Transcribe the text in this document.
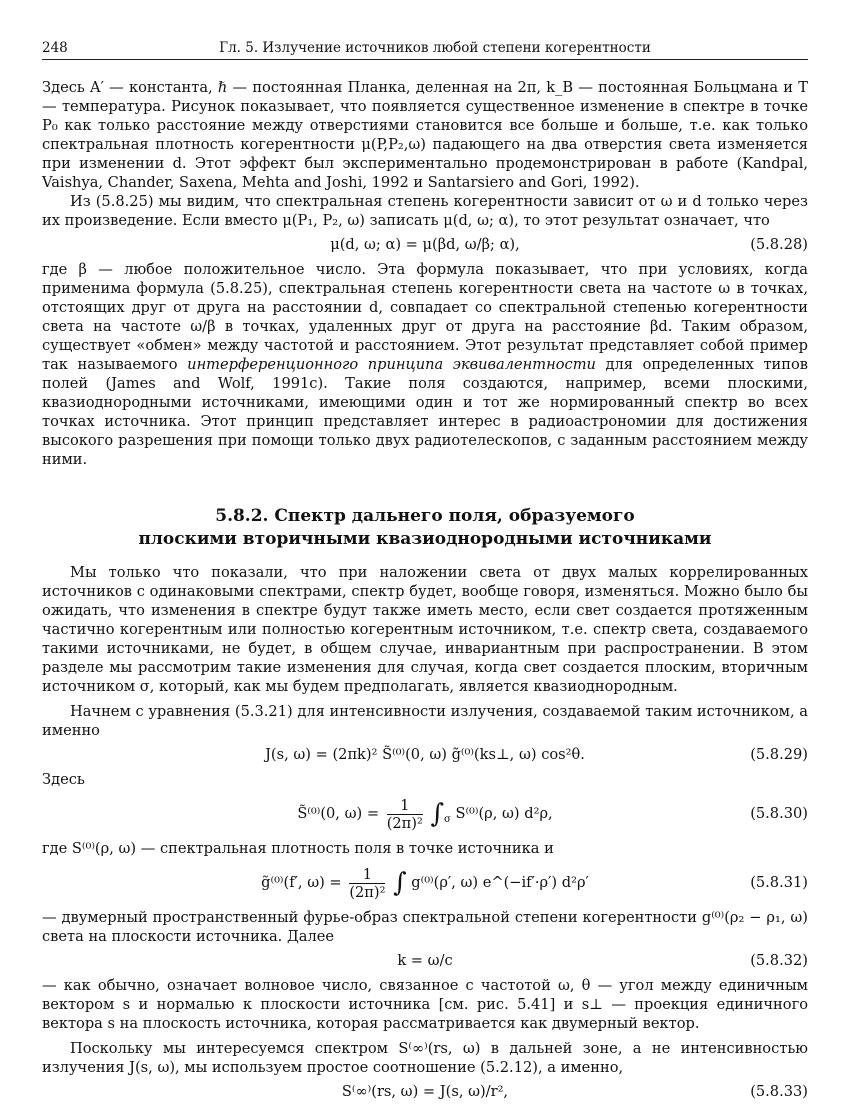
248	Гл. 5. Излучение источников любой степени когерентности

Здесь A′ — константа, ℏ — постоянная Планка, деленная на 2π, k_B — постоянная Больцмана и T — температура. Рисунок показывает, что появляется существенное изменение в спектре в точке P₀ как только расстояние между отверстиями становится все больше и больше, т.е. как только спектральная плотность когерентности μ(P,P₂,ω) падающего на два отверстия света изменяется при изменении d. Этот эффект был экспериментально продемонстрирован в работе (Kandpal, Vaishya, Chander, Saxena, Mehta and Joshi, 1992 и Santarsiero and Gori, 1992).

Из (5.8.25) мы видим, что спектральная степень когерентности зависит от ω и d только через их произведение. Если вместо μ(P₁, P₂, ω) записать μ(d, ω; α), то этот результат означает, что

μ(d, ω; α) = μ(βd, ω/β; α),	(5.8.28)

где β — любое положительное число. Эта формула показывает, что при условиях, когда применима формула (5.8.25), спектральная степень когерентности света на частоте ω в точках, отстоящих друг от друга на расстоянии d, совпадает со спектральной степенью когерентности света на частоте ω/β в точках, удаленных друг от друга на расстояние βd. Таким образом, существует «обмен» между частотой и расстоянием. Этот результат представляет собой пример так называемого интерференционного принципа эквивалентности для определенных типов полей (James and Wolf, 1991c). Такие поля создаются, например, всеми плоскими, квазиоднородными источниками, имеющими один и тот же нормированный спектр во всех точках источника. Этот принцип представляет интерес в радиоастрономии для достижения высокого разрешения при помощи только двух радиотелескопов, с заданным расстоянием между ними.

5.8.2. Спектр дальнего поля, образуемого
плоскими вторичными квазиоднородными источниками

Мы только что показали, что при наложении света от двух малых коррелированных источников с одинаковыми спектрами, спектр будет, вообще говоря, изменяться. Можно было бы ожидать, что изменения в спектре будут также иметь место, если свет создается протяженным частично когерентным или полностью когерентным источником, т.е. спектр света, создаваемого такими источниками, не будет, в общем случае, инвариантным при распространении. В этом разделе мы рассмотрим такие изменения для случая, когда свет создается плоским, вторичным источником σ, который, как мы будем предполагать, является квазиоднородным.

Начнем с уравнения (5.3.21) для интенсивности излучения, создаваемой таким источником, а именно

J(s, ω) = (2πk)² S̃⁽⁰⁾(0, ω) g̃⁽⁰⁾(ks⊥, ω) cos²θ.	(5.8.29)

Здесь

S̃⁽⁰⁾(0, $\omega) = \frac{1}{\text{(2π)²}} \int_\sigma$ S⁽⁰⁾(ρ, ω) d²ρ,	(5.8.30)

где S⁽⁰⁾(ρ, ω) — спектральная плотность поля в точке источника и

g̃⁽⁰⁾(f′, $\omega) = \frac{1}{\text{(2π)²}}$ ∫ g⁽⁰⁾(ρ′, ω) e^(−if′·ρ′) d²ρ′	(5.8.31)

— двумерный пространственный фурье-образ спектральной степени когерентности g⁽⁰⁾(ρ₂ − ρ₁, ω) света на плоскости источника. Далее

k = ω/c	(5.8.32)

— как обычно, означает волновое число, связанное с частотой ω, θ — угол между единичным вектором s и нормалью к плоскости источника [см. рис. 5.41] и s⊥ — проекция единичного вектора s на плоскость источника, которая рассматривается как двумерный вектор.

Поскольку мы интересуемся спектром S⁽∞⁾(rs, ω) в дальней зоне, а не интенсивностью излучения J(s, ω), мы используем простое соотношение (5.2.12), а именно,

S⁽∞⁾(rs, ω) = J(s, ω)/r²,	(5.8.33)
